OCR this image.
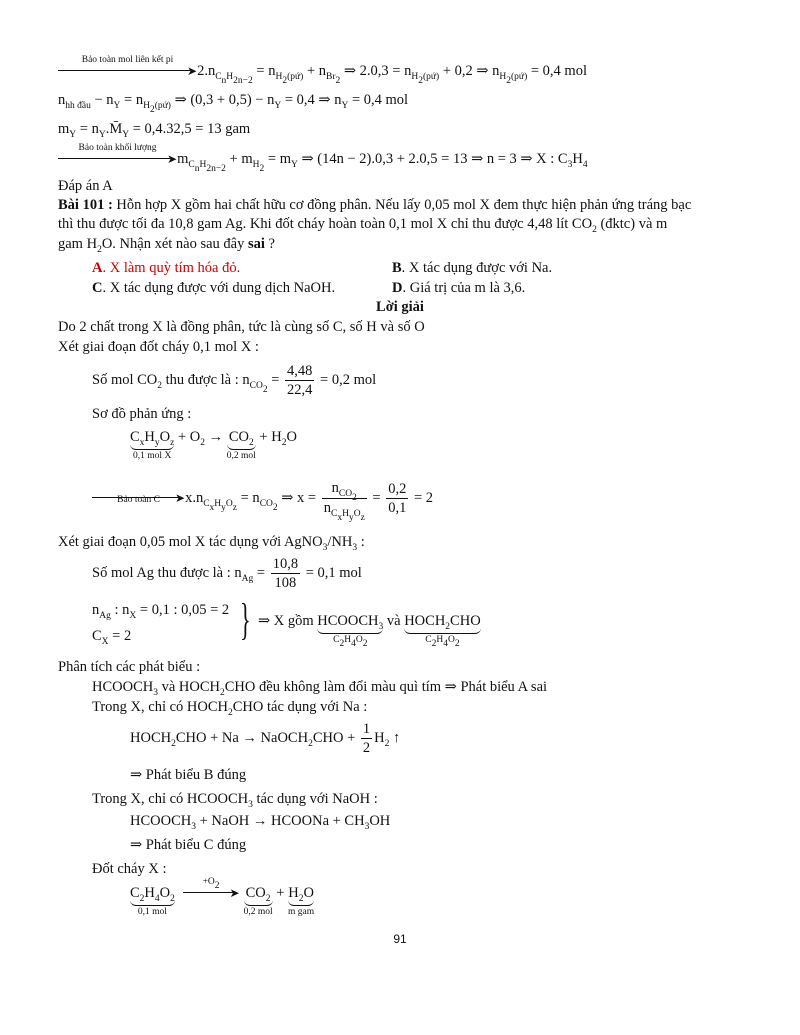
Bảo toàn mol liên kết pi
$➤2.n_{C_nH_{2n-2}} = n_{H_2(pứ)} + n_{Br_2}$ ⇒ $2.0,3 = n_{H_2(pứ)} + 0,2$ ⇒ $n_{H_2(pứ)} = 0,4$ mol
$n_{hh đầu} - n_Y = n_{H_2(pứ)}$ ⇒ $(0,3 + 0,5) - n_Y = 0,4$ ⇒ $n_Y = 0,4$ mol
$m_Y$ = $n_Y.M̄_Y = 0,4.32,5 = 13$ gam
Bảo toàn khối lượng
$➤m_{C_nH_{2n-2}} + m_{H_2} = m_Y$ ⇒ (14n − 2).0,3 + 2.0,5 = 13 ⇒ n = 3 ⇒ X : $C_3H_4$
Đáp án A
Bài 101 : Hỗn hợp X gồm hai chất hữu cơ đồng phân. Nếu lấy 0,05 mol X đem thực hiện phản ứng tráng bạc
thì thu được tối đa 10,8 gam Ag. Khi đốt cháy hoàn toàn 0,1 mol X chỉ thu được 4,48 lít $CO_2$ (đktc) và m
gam $H_2O$. Nhận xét nào sau đây sai ?
A. X làm quỳ tím hóa đỏ.	B. X tác dụng được với Na.
C. X tác dụng được với dung dịch NaOH.	D. Giá trị của m là 3,6.
Lời giải
Do 2 chất trong X là đồng phân, tức là cùng số C, số H và số O
Xét giai đoạn đốt cháy 0,1 mol X :
Số mol $CO_2$ thu được là : $n_{CO_2} = \frac{4,48}{22,4} = 0,2$ mol
Sơ đồ phản ứng :
$C_xH_yO_z$
0,1 mol X
+ $O_2 \to CO_2$
0,2 mol
+ $H_2O$
Bảo toàn C	$➤x.n_{C_xH_yO_z} = n_{CO_2}$ ⇒ $x = \frac{n_{CO_2}}{n_{C_xH_yO_z}} = \frac{0,2}{0,1} = 2$
Xét giai đoạn 0,05 mol X tác dụng với $AgNO_3/NH_3$ :
Số mol Ag thu được là : $n_{Ag} = \frac{10,8}{108} = 0,1$ mol
$n_{Ag}$ : $n_X = 0,1$ : 0,05 = 2
$C_X = 2$ } ⇒ X gồm $HCOOCH_3$
$C_2H_4O_2$
và $HOCH_2CHO$
$C_2H_4O_2$
Phân tích các phát biểu :
$HCOOCH_3$ và $HOCH_2CHO$ đều không làm đổi màu quì tím ⇒ Phát biểu A sai
Trong X, chỉ có $HOCH_2CHO$ tác dụng với Na :
$HOCH_2CHO + Na$ → NaOCH$_2$CHO + $\frac{1}{2} H_2$ ↑
⇒ Phát biểu B đúng
Trong X, chỉ có $HCOOCH_3$ tác dụng với NaOH :
$HCOOCH_3$ + NaOH → HCOONa + $CH_3OH$
⇒ Phát biểu C đúng
Đốt cháy X :
$C_2H_4O_2$
0,1 mol

$+O_2$ ➤ $CO_2$
0,2 mol
+ $H_2O$
m gam
91
